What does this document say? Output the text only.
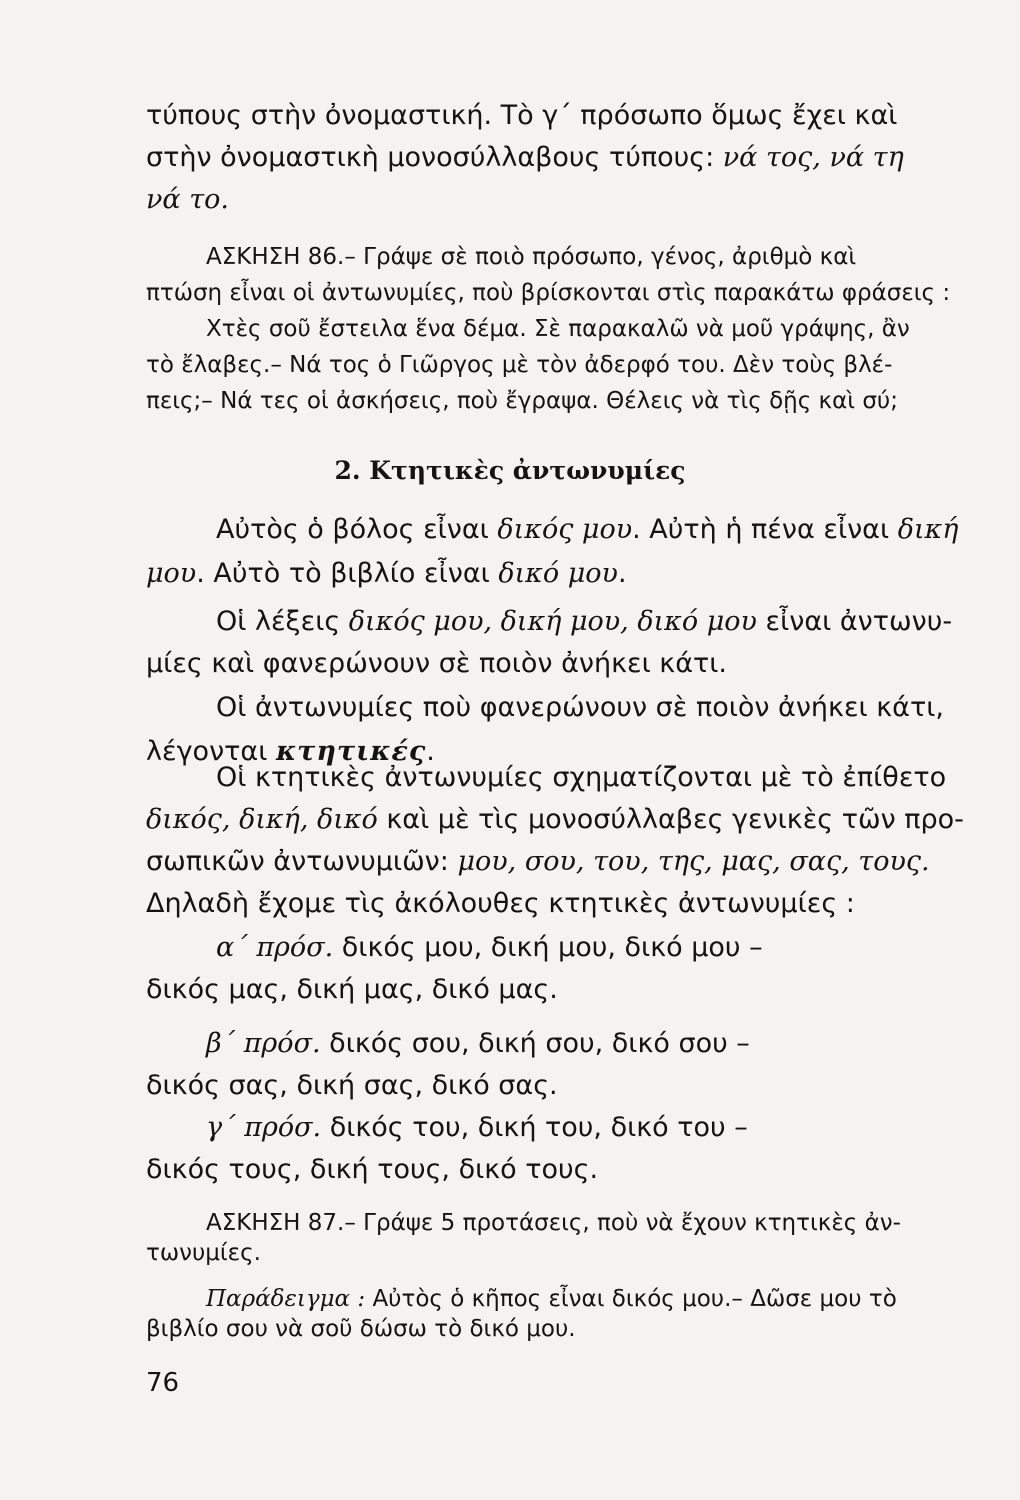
τύπους στὴν ὀνομαστική. Τὸ γ΄ πρόσωπο ὅμως ἔχει καὶ
στὴν ὀνομαστικὴ μονοσύλλαβους τύπους: νά τος, νά τη
νά το.
ΑΣΚΗΣΗ 86.– Γράψε σὲ ποιὸ πρόσωπο, γένος, ἀριθμὸ καὶ
πτώση εἶναι οἱ ἀντωνυμίες, ποὺ βρίσκονται στὶς παρακάτω φράσεις :
Χτὲς σοῦ ἔστειλα ἕνα δέμα. Σὲ παρακαλῶ νὰ μοῦ γράψης, ἂν
τὸ ἔλαβες.– Νά τος ὁ Γιῶργος μὲ τὸν ἀδερφό του. Δὲν τοὺς βλέ-
πεις;– Νά τες οἱ ἀσκήσεις, ποὺ ἔγραψα. Θέλεις νὰ τὶς δῇς καὶ σύ;
2. Κτητικὲς ἀντωνυμίες
Αὐτὸς ὁ βόλος εἶναι δικός μου. Αὐτὴ ἡ πένα εἶναι δική
μου. Αὐτὸ τὸ βιβλίο εἶναι δικό μου.
Οἱ λέξεις δικός μου, δική μου, δικό μου εἶναι ἀντωνυ-
μίες καὶ φανερώνουν σὲ ποιὸν ἀνήκει κάτι.
Οἱ ἀντωνυμίες ποὺ φανερώνουν σὲ ποιὸν ἀνήκει κάτι,
λέγονται κτητικές.
Οἱ κτητικὲς ἀντωνυμίες σχηματίζονται μὲ τὸ ἐπίθετο
δικός, δική, δικό καὶ μὲ τὶς μονοσύλλαβες γενικὲς τῶν προ-
σωπικῶν ἀντωνυμιῶν: μου, σου, του, της, μας, σας, τους.
Δηλαδὴ ἔχομε τὶς ἀκόλουθες κτητικὲς ἀντωνυμίες :
α΄ πρόσ. δικός μου, δική μου, δικό μου –
δικός μας, δική μας, δικό μας.
β΄ πρόσ. δικός σου, δική σου, δικό σου –
δικός σας, δική σας, δικό σας.
γ΄ πρόσ. δικός του, δική του, δικό του –
δικός τους, δική τους, δικό τους.
ΑΣΚΗΣΗ 87.– Γράψε 5 προτάσεις, ποὺ νὰ ἔχουν κτητικὲς ἀν-
τωνυμίες.
Παράδειγμα : Αὐτὸς ὁ κῆπος εἶναι δικός μου.– Δῶσε μου τὸ
βιβλίο σου νὰ σοῦ δώσω τὸ δικό μου.
76
